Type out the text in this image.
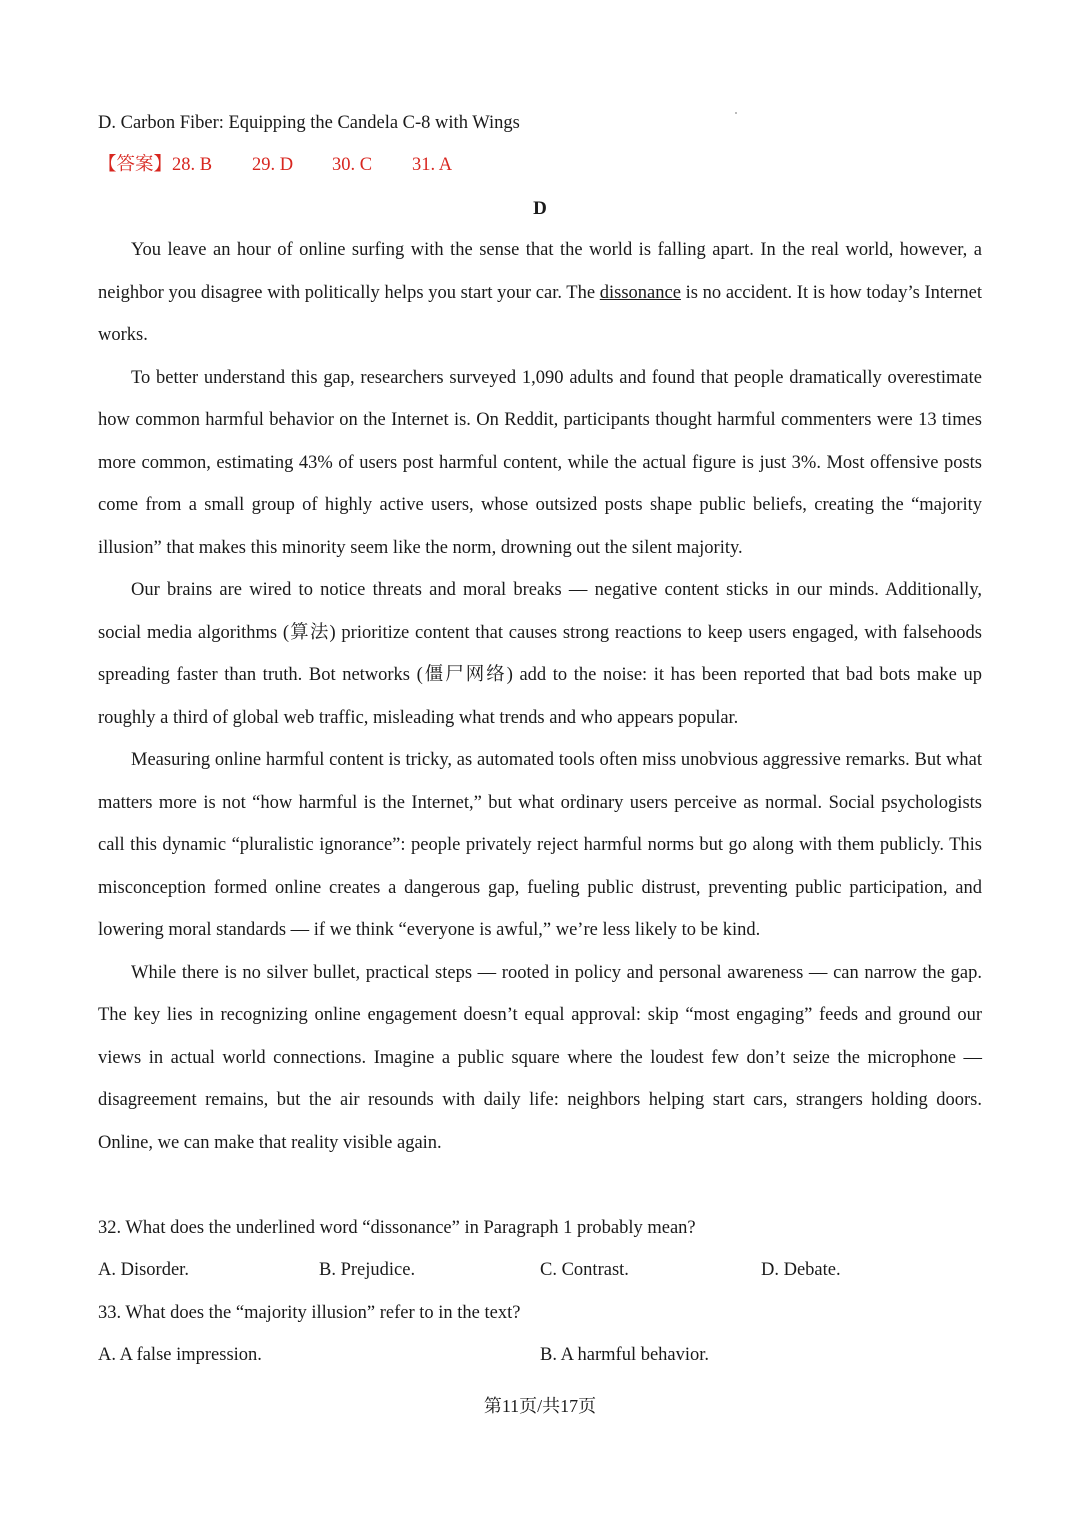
D. Carbon Fiber: Equipping the Candela C-8 with Wings
【答案】28. B 29. D 30. C 31. A
D

You leave an hour of online surfing with the sense that the world is falling apart. In the real world, however, a neighbor you disagree with politically helps you start your car. The dissonance is no accident. It is how today’s Internet works.

To better understand this gap, researchers surveyed 1,090 adults and found that people dramatically overestimate how common harmful behavior on the Internet is. On Reddit, participants thought harmful commenters were 13 times more common, estimating 43% of users post harmful content, while the actual figure is just 3%. Most offensive posts come from a small group of highly active users, whose outsized posts shape public beliefs, creating the “majority illusion” that makes this minority seem like the norm, drowning out the silent majority.

Our brains are wired to notice threats and moral breaks — negative content sticks in our minds. Additionally, social media algorithms (算法) prioritize content that causes strong reactions to keep users engaged, with falsehoods spreading faster than truth. Bot networks (僵尸网络) add to the noise: it has been reported that bad bots make up roughly a third of global web traffic, misleading what trends and who appears popular.

Measuring online harmful content is tricky, as automated tools often miss unobvious aggressive remarks. But what matters more is not “how harmful is the Internet,” but what ordinary users perceive as normal. Social psychologists call this dynamic “pluralistic ignorance”: people privately reject harmful norms but go along with them publicly. This misconception formed online creates a dangerous gap, fueling public distrust, preventing public participation, and lowering moral standards — if we think “everyone is awful,” we’re less likely to be kind.

While there is no silver bullet, practical steps — rooted in policy and personal awareness — can narrow the gap. The key lies in recognizing online engagement doesn’t equal approval: skip “most engaging” feeds and ground our views in actual world connections. Imagine a public square where the loudest few don’t seize the microphone — disagreement remains, but the air resounds with daily life: neighbors helping start cars, strangers holding doors. Online, we can make that reality visible again.

32. What does the underlined word “dissonance” in Paragraph 1 probably mean?
A. Disorder.	B. Prejudice.	C. Contrast.	D. Debate.
33. What does the “majority illusion” refer to in the text?
A. A false impression.	B. A harmful behavior.
第11页/共17页
